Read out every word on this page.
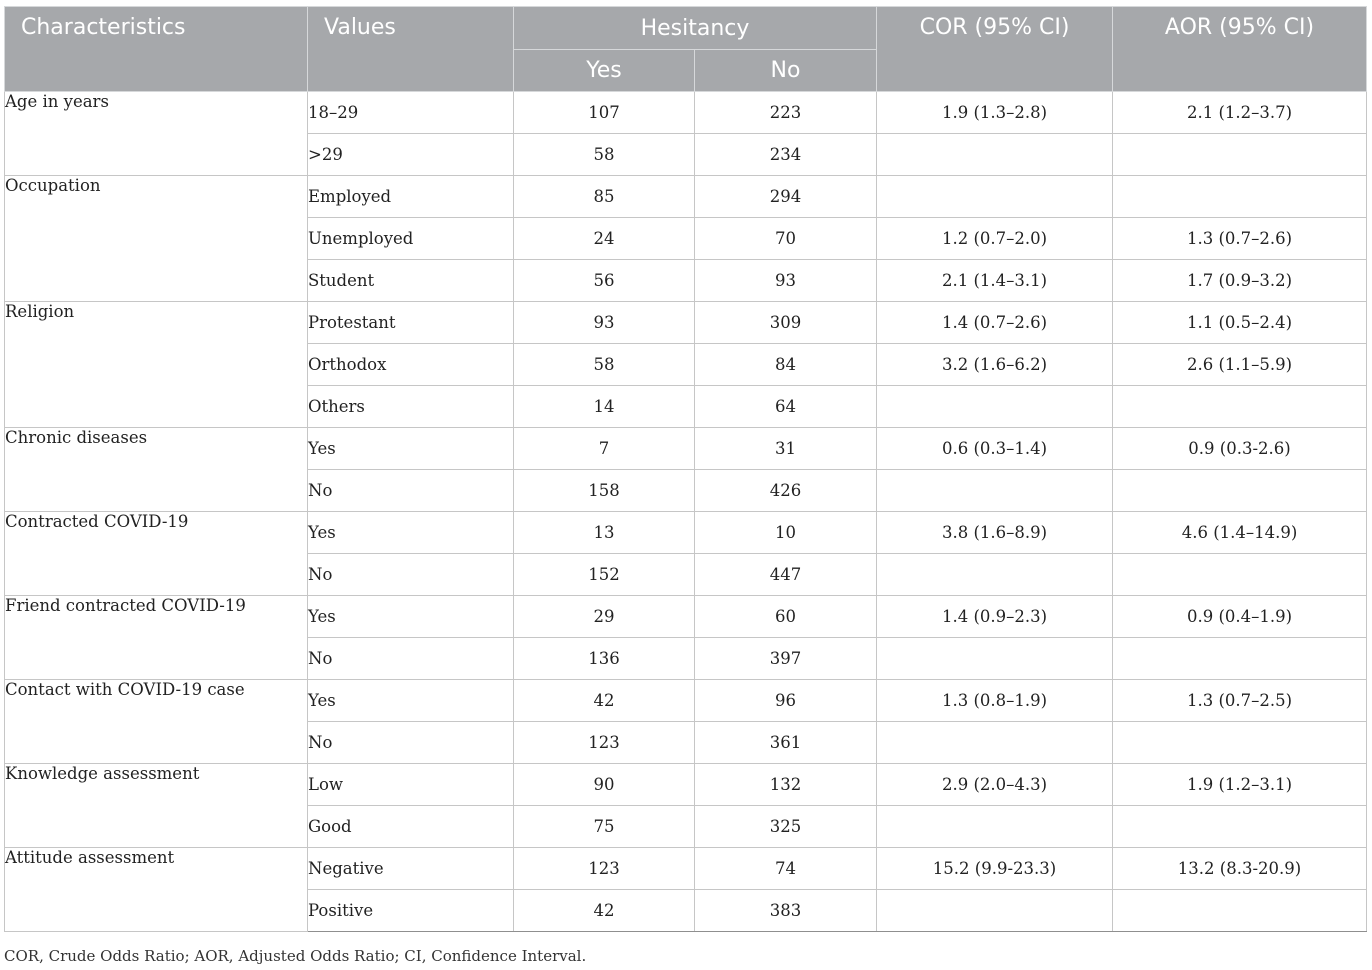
Characteristics	Values	Hesitancy		COR (95% CI)	AOR (95% CI)
		Yes	No		
Age in years	18–29	107	223	1.9 (1.3–2.8)	2.1 (1.2–3.7)
	>29	58	234		
Occupation	Employed	85	294		
	Unemployed	24	70	1.2 (0.7–2.0)	1.3 (0.7–2.6)
	Student	56	93	2.1 (1.4–3.1)	1.7 (0.9–3.2)
Religion	Protestant	93	309	1.4 (0.7–2.6)	1.1 (0.5–2.4)
	Orthodox	58	84	3.2 (1.6–6.2)	2.6 (1.1–5.9)
	Others	14	64		
Chronic diseases	Yes	7	31	0.6 (0.3–1.4)	0.9 (0.3-2.6)
	No	158	426		
Contracted COVID-19	Yes	13	10	3.8 (1.6–8.9)	4.6 (1.4–14.9)
	No	152	447		
Friend contracted COVID-19	Yes	29	60	1.4 (0.9–2.3)	0.9 (0.4–1.9)
	No	136	397		
Contact with COVID-19 case	Yes	42	96	1.3 (0.8–1.9)	1.3 (0.7–2.5)
	No	123	361		
Knowledge assessment	Low	90	132	2.9 (2.0–4.3)	1.9 (1.2–3.1)
	Good	75	325		
Attitude assessment	Negative	123	74	15.2 (9.9-23.3)	13.2 (8.3-20.9)
	Positive	42	383		
COR, Crude Odds Ratio; AOR, Adjusted Odds Ratio; CI, Confidence Interval.
